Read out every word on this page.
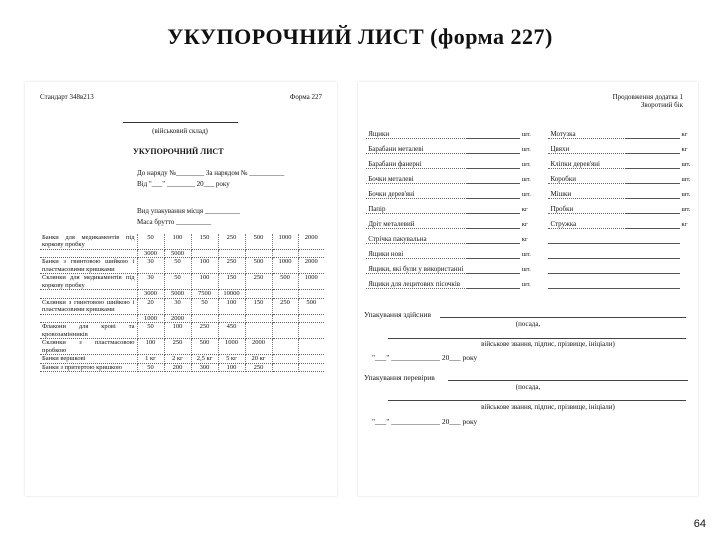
УКУПОРОЧНИЙ ЛИСТ (форма 227)
Стандарт 348в213	Форма 227
(військовий склад)
УКУПОРОЧНИЙ ЛИСТ
До наряду №________ За нарядом № __________
Від "___" ________ 20___ року
Вид упакування місця __________
Маса брутто __________
Банки для медикаментів під коркову пробку	50	100	150	250	500	1000	2000
	3000	5000					
Банки з гвинтовою шийкою і пластмасовими кришками	30	50	100	250	500	1000	2000
Склянки для медикаментів під коркову пробку	30	50	100	150	250	500	1000
	3000	5000	7500	10000			
Склянки з гвинтовою шийкою і пластмасовими кришками	20	30	50	100	150	250	500
	1000	2000					
Флакони для крові та кровозамінників	50	100	250	450			
Склянки з пластмасовою пробкою	100	250	500	1000	2000		
Банки вершкові	1 кг	2 кг	2,5 кг	5 кг	20 кг		
Банки з притертою кришкою	50	200	300	100	250		
Продовження додатка 1
Зворотний бік
	Ящики		шт.		Мотузка		кг
	Барабани металеві		шт.		Цвяхи		кг
	Барабани фанерні		шт.		Кліпки дерев'яні		шт.
	Бочки металеві		шт.		Коробки		шт.
	Бочки дерев'яні		шт.		Мішки		шт.
	Папір		кг		Пробки		шт.
	Дріт металевий		кг		Стружка		кг
	Стрічка пакувальна		кг				
	Ящики нові		шт.				
	Ящики, які були у використанні		шт.				
	Ящики для лецитових пісочків		шт.				
Упакування здійснив
(посада,
військове звання, підпис, прізвище, ініціали)
"___" _____________ 20___ року
Упакування перевірив
(посада,
військове звання, підпис, прізвище, ініціали)
"___" _____________ 20___ року
64
